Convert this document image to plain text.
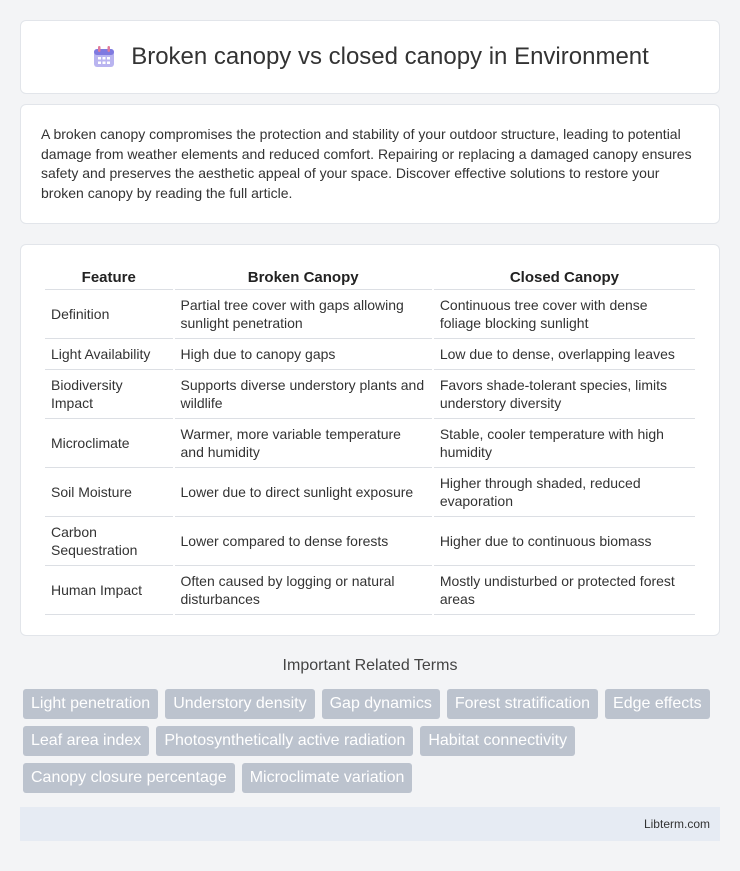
Broken canopy vs closed canopy in Environment

A broken canopy compromises the protection and stability of your outdoor structure, leading to potential damage from weather elements and reduced comfort. Repairing or replacing a damaged canopy ensures safety and preserves the aesthetic appeal of your space. Discover effective solutions to restore your broken canopy by reading the full article.

Feature	Broken Canopy	Closed Canopy
Definition	Partial tree cover with gaps allowing sunlight penetration	Continuous tree cover with dense foliage blocking sunlight
Light Availability	High due to canopy gaps	Low due to dense, overlapping leaves
Biodiversity Impact	Supports diverse understory plants and wildlife	Favors shade-tolerant species, limits understory diversity
Microclimate	Warmer, more variable temperature and humidity	Stable, cooler temperature with high humidity
Soil Moisture	Lower due to direct sunlight exposure	Higher through shaded, reduced evaporation
Carbon Sequestration	Lower compared to dense forests	Higher due to continuous biomass
Human Impact	Often caused by logging or natural disturbances	Mostly undisturbed or protected forest areas
Important Related Terms
Light penetration	Understory density	Gap dynamics	Forest stratification	Edge effects
Leaf area index	Photosynthetically active radiation	Habitat connectivity
Canopy closure percentage	Microclimate variation
Libterm.com
